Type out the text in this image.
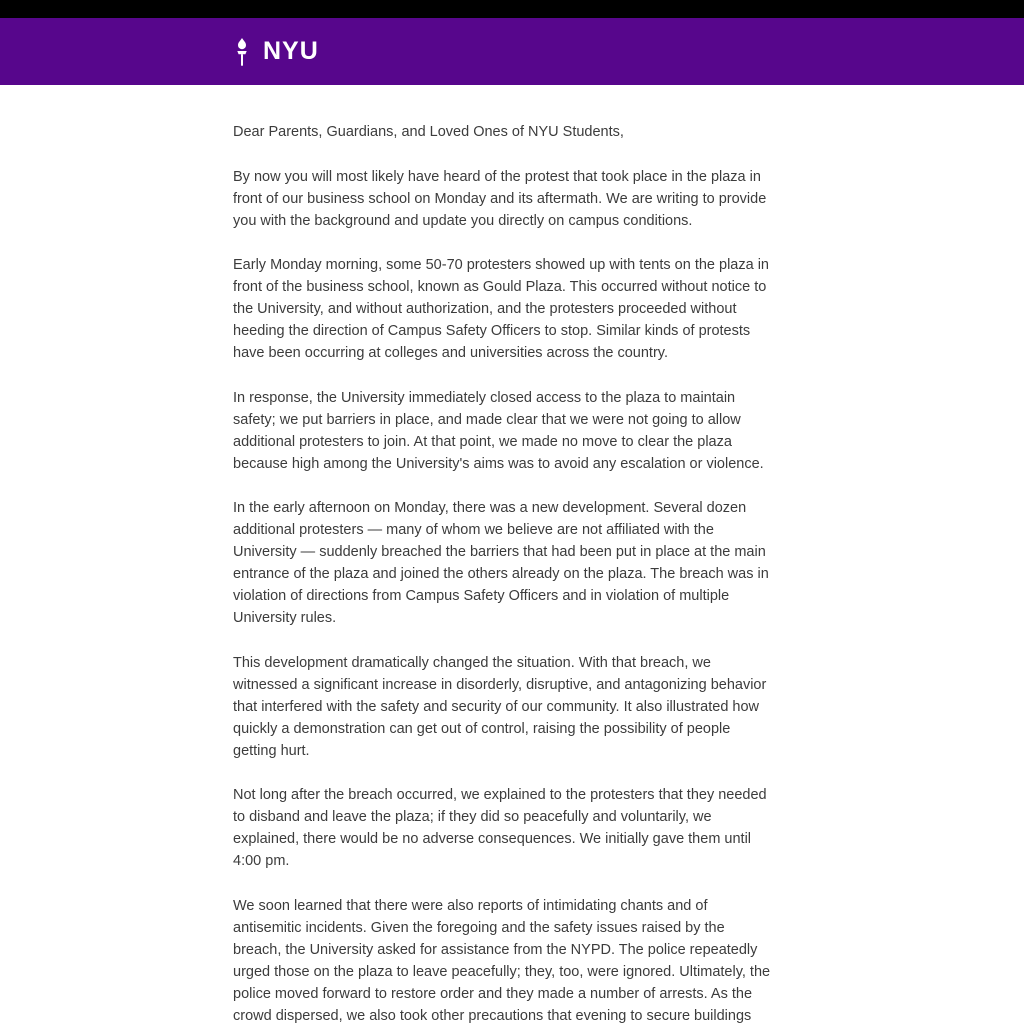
NYU

Dear Parents, Guardians, and Loved Ones of NYU Students,

By now you will most likely have heard of the protest that took place in the plaza in front of our business school on Monday and its aftermath. We are writing to provide you with the background and update you directly on campus conditions.

Early Monday morning, some 50-70 protesters showed up with tents on the plaza in front of the business school, known as Gould Plaza. This occurred without notice to the University, and without authorization, and the protesters proceeded without heeding the direction of Campus Safety Officers to stop. Similar kinds of protests have been occurring at colleges and universities across the country.

In response, the University immediately closed access to the plaza to maintain safety; we put barriers in place, and made clear that we were not going to allow additional protesters to join. At that point, we made no move to clear the plaza because high among the University's aims was to avoid any escalation or violence.

In the early afternoon on Monday, there was a new development. Several dozen additional protesters — many of whom we believe are not affiliated with the University — suddenly breached the barriers that had been put in place at the main entrance of the plaza and joined the others already on the plaza. The breach was in violation of directions from Campus Safety Officers and in violation of multiple University rules.

This development dramatically changed the situation. With that breach, we witnessed a significant increase in disorderly, disruptive, and antagonizing behavior that interfered with the safety and security of our community. It also illustrated how quickly a demonstration can get out of control, raising the possibility of people getting hurt.

Not long after the breach occurred, we explained to the protesters that they needed to disband and leave the plaza; if they did so peacefully and voluntarily, we explained, there would be no adverse consequences. We initially gave them until 4:00 pm.

We soon learned that there were also reports of intimidating chants and of antisemitic incidents. Given the foregoing and the safety issues raised by the breach, the University asked for assistance from the NYPD. The police repeatedly urged those on the plaza to leave peacefully; they, too, were ignored. Ultimately, the police moved forward to restore order and they made a number of arrests. As the crowd dispersed, we also took other precautions that evening to secure buildings
